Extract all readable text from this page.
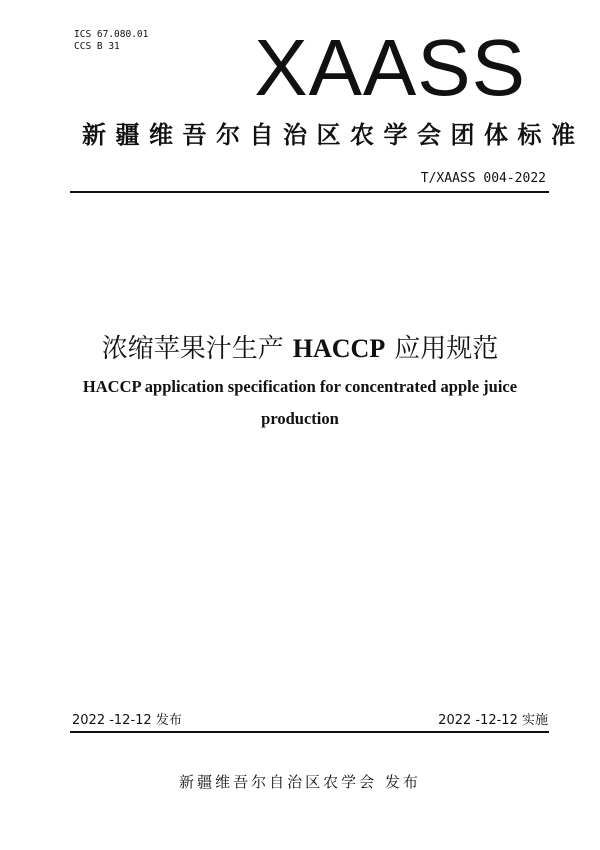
ICS 67.080.01
CCS B 31	XAASS
新疆维吾尔自治区农学会团体标准
T/XAASS 004-2022
浓缩苹果汁生产 HACCP 应用规范
HACCP application specification for concentrated apple juice
production
2022 -12-12 发布	2022 -12-12 实施
新疆维吾尔自治区农学会 发布
